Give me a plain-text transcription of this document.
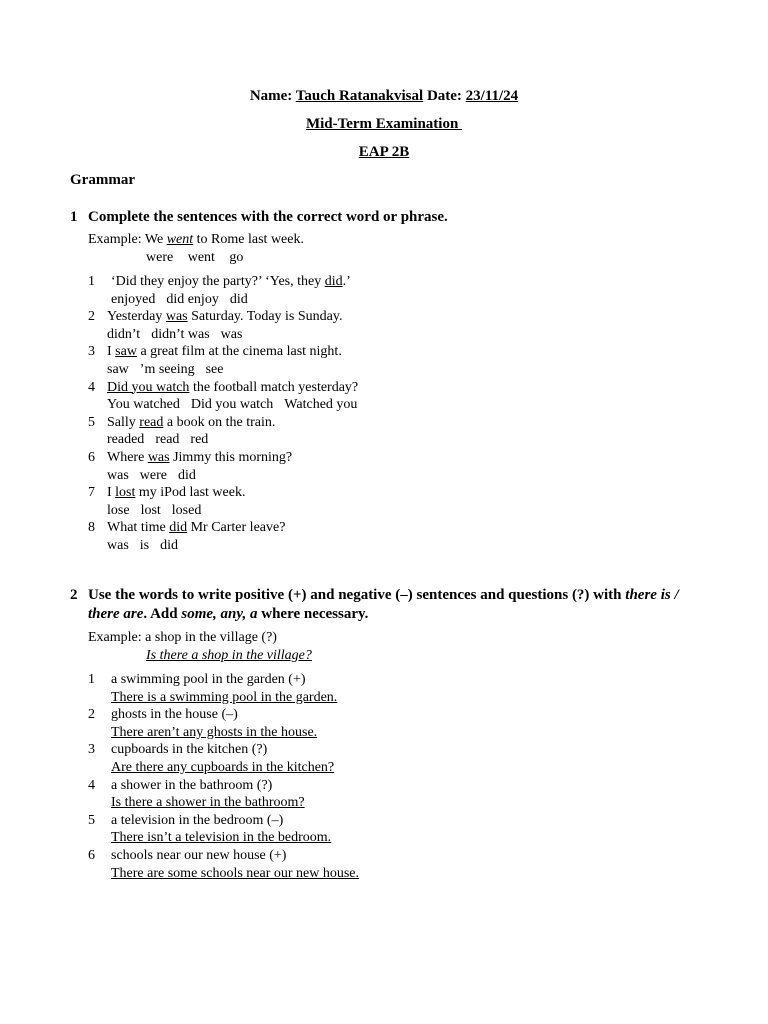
Name: Tauch Ratanakvisal Date: 23/11/24
Mid-Term Examination
EAP 2B
Grammar
1 Complete the sentences with the correct word or phrase.
Example: We went to Rome last week.
were went go
1 ‘Did they enjoy the party?’ ‘Yes, they did.’
enjoyed did enjoy did
2 Yesterday was Saturday. Today is Sunday.
didn’t didn’t was was
3 I saw a great film at the cinema last night.
saw ’m seeing see
4 Did you watch the football match yesterday?
You watched Did you watch Watched you
5 Sally read a book on the train.
readed read red
6 Where was Jimmy this morning?
was were did
7 I lost my iPod last week.
lose lost losed
8 What time did Mr Carter leave?
was is did
2 Use the words to write positive (+) and negative (–) sentences and questions (?) with there is / there are. Add some, any, a where necessary.
Example: a shop in the village (?)
Is there a shop in the village?
1 a swimming pool in the garden (+)
There is a swimming pool in the garden.
2 ghosts in the house (–)
There aren’t any ghosts in the house.
3 cupboards in the kitchen (?)
Are there any cupboards in the kitchen?
4 a shower in the bathroom (?)
Is there a shower in the bathroom?
5 a television in the bedroom (–)
There isn’t a television in the bedroom.
6 schools near our new house (+)
There are some schools near our new house.
